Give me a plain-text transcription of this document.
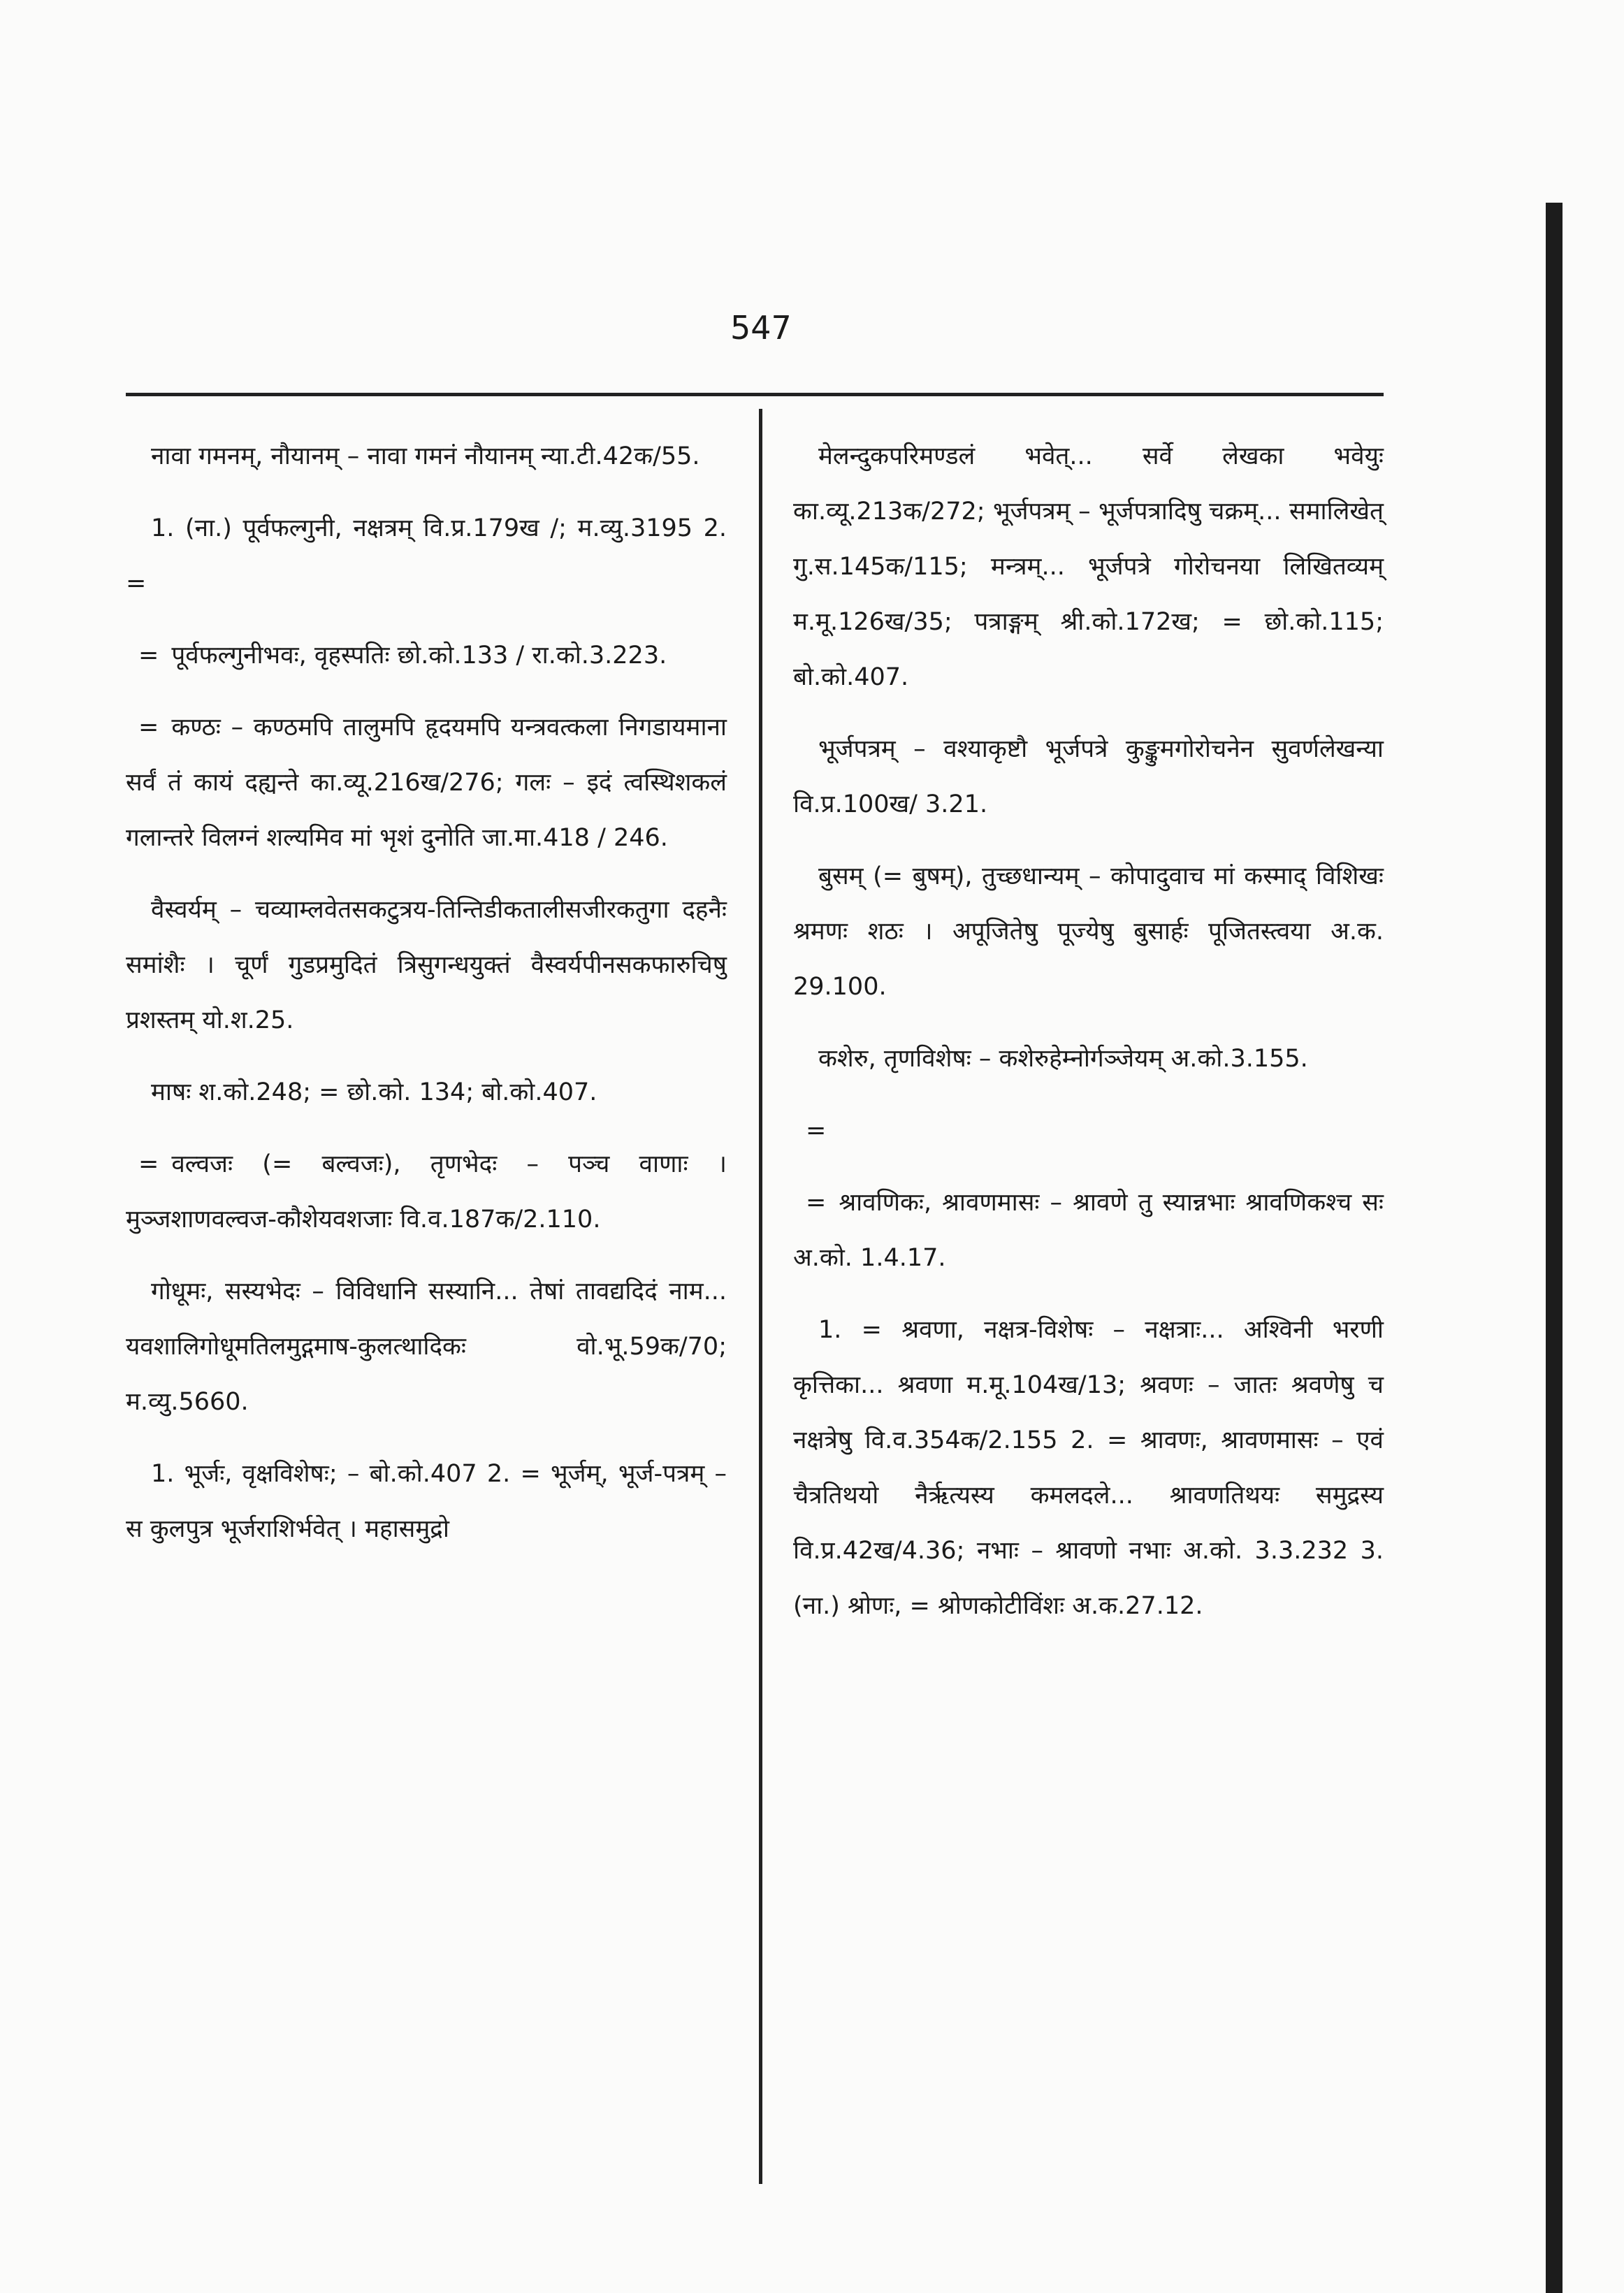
547

नावा गमनम्, नौयानम् – नावा गमनं नौयानम् न्या.टी.42क/55.

1. (ना.) पूर्वफल्गुनी, नक्षत्रम् वि.प्र.179ख /; म.व्यु.3195 2. =

= पूर्वफल्गुनीभवः, वृहस्पतिः छो.को.133 / रा.को.3.223.

= कण्ठः – कण्ठमपि तालुमपि हृदयमपि यन्त्रवत्कला निगडायमाना सर्वं तं कायं दह्यन्ते का.व्यू.216ख/276; गलः – इदं त्वस्थिशकलं गलान्तरे विलग्नं शल्यमिव मां भृशं दुनोति जा.मा.418 / 246.

वैस्वर्यम् – चव्याम्लवेतसकटुत्रय-तिन्तिडीकतालीसजीरकतुगा दहनैः समांशैः । चूर्णं गुडप्रमुदितं त्रिसुगन्धयुक्तं वैस्वर्यपीनसकफारुचिषु प्रशस्तम् यो.श.25.

माषः श.को.248; = छो.को. 134; बो.को.407.

= वल्वजः (= बल्वजः), तृणभेदः – पञ्च वाणाः । मुञ्जशाणवल्वज-कौशेयवशजाः वि.व.187क/2.110.

गोधूमः, सस्यभेदः – विविधानि सस्यानि... तेषां तावद्यदिदं नाम... यवशालिगोधूमतिलमुद्गमाष-कुलत्थादिकः वो.भू.59क/70; म.व्यु.5660.

1. भूर्जः, वृक्षविशेषः; – बो.को.407 2. = भूर्जम्, भूर्ज-पत्रम् – स कुलपुत्र भूर्जराशिर्भवेत् । महासमुद्रो

मेलन्दुकपरिमण्डलं भवेत्... सर्वे लेखका भवेयुः का.व्यू.213क/272; भूर्जपत्रम् – भूर्जपत्रादिषु चक्रम्... समालिखेत् गु.स.145क/115; मन्त्रम्... भूर्जपत्रे गोरोचनया लिखितव्यम् म.मू.126ख/35; पत्राङ्गम् श्री.को.172ख; = छो.को.115; बो.को.407.

भूर्जपत्रम् – वश्याकृष्टौ भूर्जपत्रे कुङ्कुमगोरोचनेन सुवर्णलेखन्या वि.प्र.100ख/ 3.21.

बुसम् (= बुषम्), तुच्छधान्यम् – कोपादुवाच मां कस्माद् विशिखः श्रमणः शठः । अपूजितेषु पूज्येषु बुसार्हः पूजितस्त्वया अ.क. 29.100.

कशेरु, तृणविशेषः – कशेरुहेम्नोर्गञ्जेयम् अ.को.3.155.

=

= श्रावणिकः, श्रावणमासः – श्रावणे तु स्यान्नभाः श्रावणिकश्च सः अ.को. 1.4.17.

1. = श्रवणा, नक्षत्र-विशेषः – नक्षत्राः... अश्विनी भरणी कृत्तिका... श्रवणा म.मू.104ख/13; श्रवणः – जातः श्रवणेषु च नक्षत्रेषु वि.व.354क/2.155 2. = श्रावणः, श्रावणमासः – एवं चैत्रतिथयो नैर्ऋत्यस्य कमलदले... श्रावणतिथयः समुद्रस्य वि.प्र.42ख/4.36; नभाः – श्रावणो नभाः अ.को. 3.3.232 3. (ना.) श्रोणः, = श्रोणकोटीविंशः अ.क.27.12.
